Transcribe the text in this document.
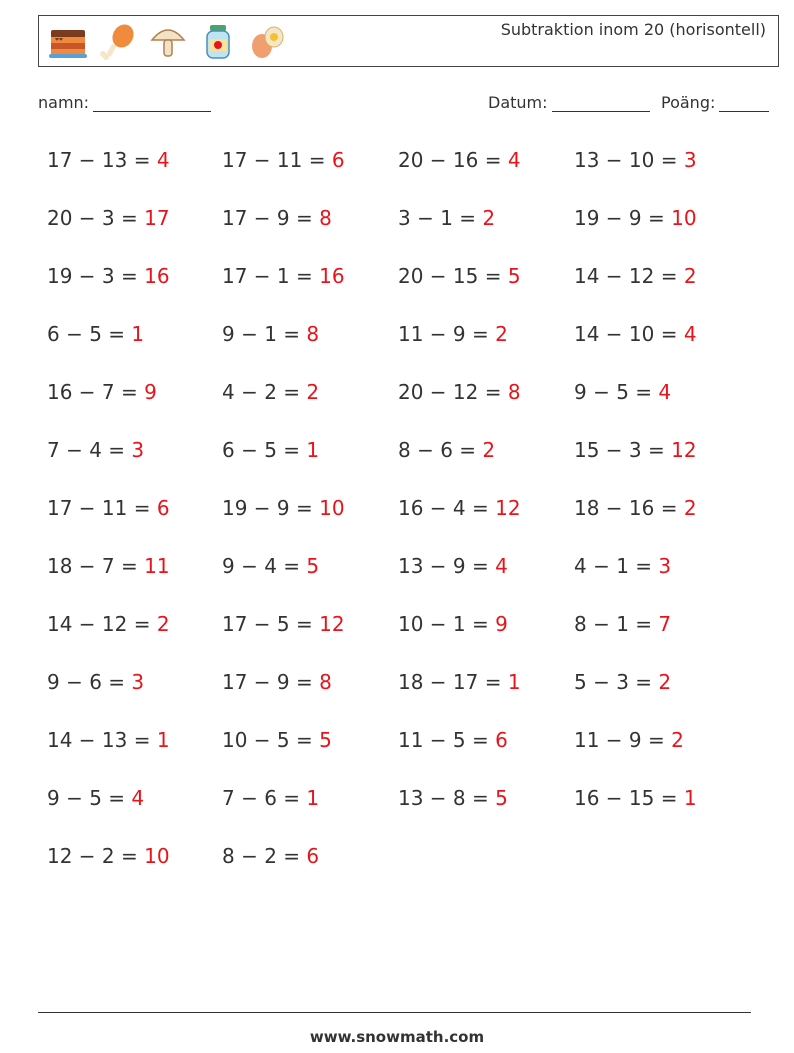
Subtraktion inom 20 (horisontell)
namn:	Datum:	Poäng:
17 − 13 = 4	17 − 11 = 6	20 − 16 = 4	13 − 10 = 3
20 − 3 = 17	17 − 9 = 8	3 − 1 = 2	19 − 9 = 10
19 − 3 = 16	17 − 1 = 16	20 − 15 = 5	14 − 12 = 2
6 − 5 = 1	9 − 1 = 8	11 − 9 = 2	14 − 10 = 4
16 − 7 = 9	4 − 2 = 2	20 − 12 = 8	9 − 5 = 4
7 − 4 = 3	6 − 5 = 1	8 − 6 = 2	15 − 3 = 12
17 − 11 = 6	19 − 9 = 10	16 − 4 = 12	18 − 16 = 2
18 − 7 = 11	9 − 4 = 5	13 − 9 = 4	4 − 1 = 3
14 − 12 = 2	17 − 5 = 12	10 − 1 = 9	8 − 1 = 7
9 − 6 = 3	17 − 9 = 8	18 − 17 = 1	5 − 3 = 2
14 − 13 = 1	10 − 5 = 5	11 − 5 = 6	11 − 9 = 2
9 − 5 = 4	7 − 6 = 1	13 − 8 = 5	16 − 15 = 1
12 − 2 = 10	8 − 2 = 6
www.snowmath.com
